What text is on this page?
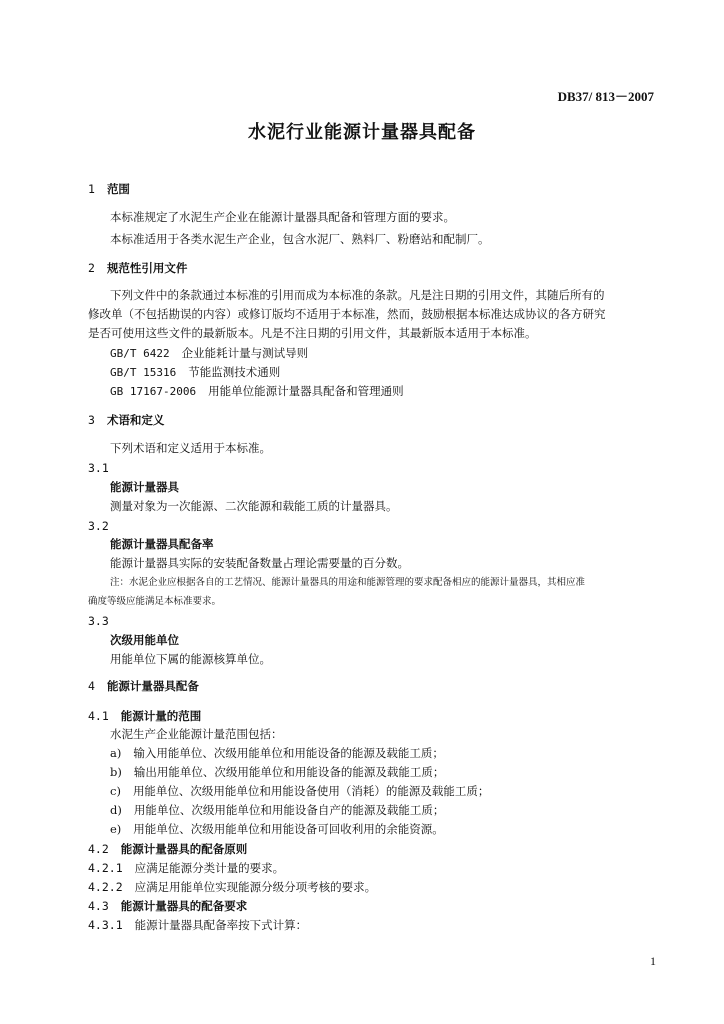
DB37/ 813－2007
水泥行业能源计量器具配备
1 范围
本标准规定了水泥生产企业在能源计量器具配备和管理方面的要求。
本标准适用于各类水泥生产企业，包含水泥厂、熟料厂、粉磨站和配制厂。
2 规范性引用文件
下列文件中的条款通过本标准的引用而成为本标准的条款。凡是注日期的引用文件，其随后所有的
修改单（不包括勘误的内容）或修订版均不适用于本标准，然而，鼓励根据本标准达成协议的各方研究
是否可使用这些文件的最新版本。凡是不注日期的引用文件，其最新版本适用于本标准。
GB/T 6422 企业能耗计量与测试导则
GB/T 15316 节能监测技术通则
GB 17167-2006 用能单位能源计量器具配备和管理通则
3 术语和定义
下列术语和定义适用于本标准。
3.1
能源计量器具
测量对象为一次能源、二次能源和载能工质的计量器具。
3.2
能源计量器具配备率
能源计量器具实际的安装配备数量占理论需要量的百分数。
注：水泥企业应根据各自的工艺情况、能源计量器具的用途和能源管理的要求配备相应的能源计量器具，其相应准
确度等级应能满足本标准要求。
3.3
次级用能单位
用能单位下属的能源核算单位。
4 能源计量器具配备
4.1 能源计量的范围
水泥生产企业能源计量范围包括：
a) 输入用能单位、次级用能单位和用能设备的能源及载能工质；
b) 输出用能单位、次级用能单位和用能设备的能源及载能工质；
c) 用能单位、次级用能单位和用能设备使用（消耗）的能源及载能工质；
d) 用能单位、次级用能单位和用能设备自产的能源及载能工质；
e) 用能单位、次级用能单位和用能设备可回收利用的余能资源。
4.2 能源计量器具的配备原则
4.2.1 应满足能源分类计量的要求。
4.2.2 应满足用能单位实现能源分级分项考核的要求。
4.3 能源计量器具的配备要求
4.3.1 能源计量器具配备率按下式计算：
1
